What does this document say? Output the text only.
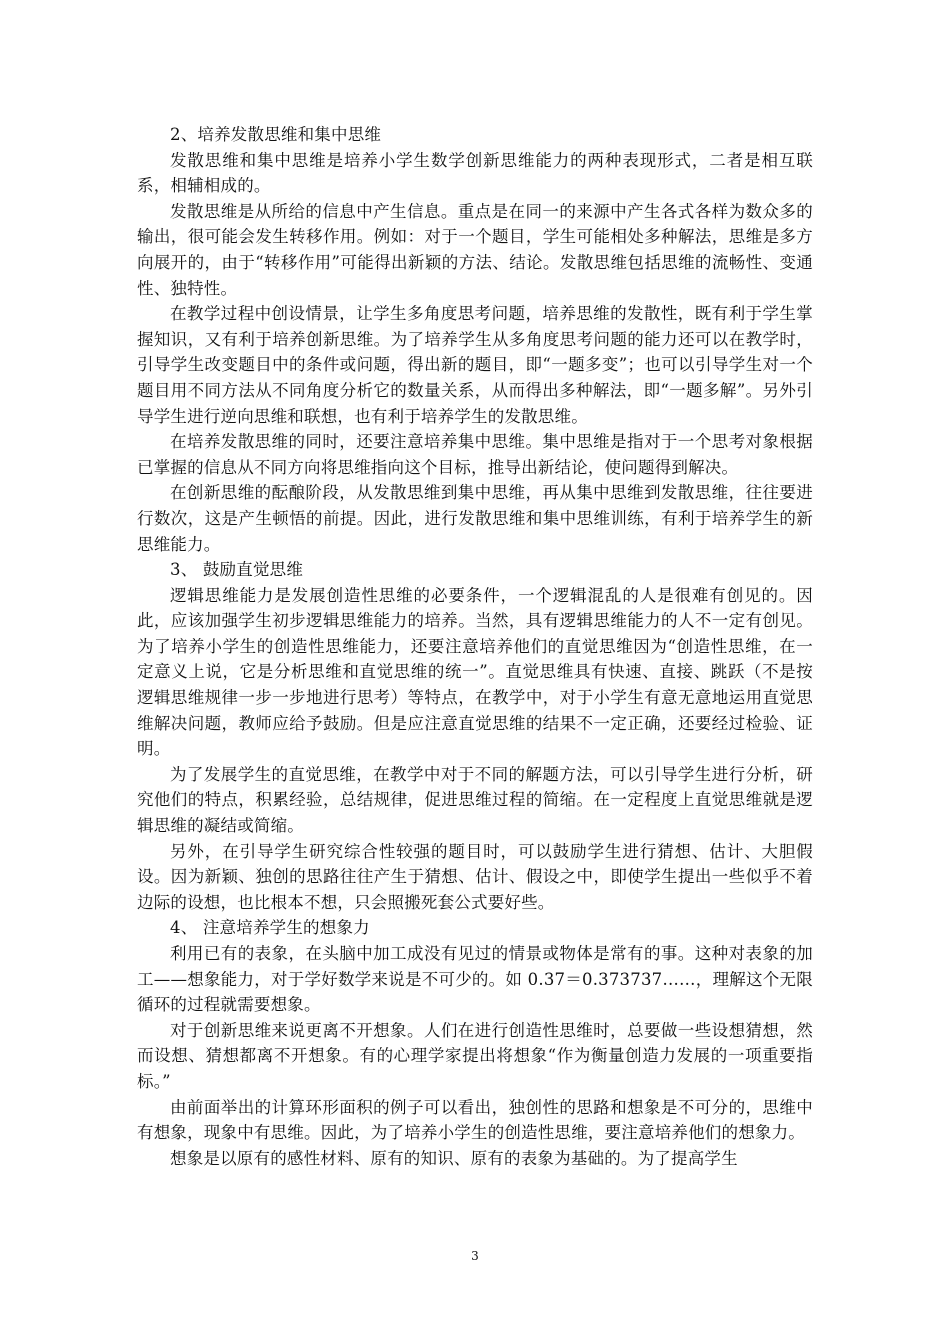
2、培养发散思维和集中思维

发散思维和集中思维是培养小学生数学创新思维能力的两种表现形式，二者是相互联系，相辅相成的。

发散思维是从所给的信息中产生信息。重点是在同一的来源中产生各式各样为数众多的输出，很可能会发生转移作用。例如：对于一个题目，学生可能相处多种解法，思维是多方向展开的，由于“转移作用”可能得出新颖的方法、结论。发散思维包括思维的流畅性、变通性、独特性。

在教学过程中创设情景，让学生多角度思考问题，培养思维的发散性，既有利于学生掌握知识，又有利于培养创新思维。为了培养学生从多角度思考问题的能力还可以在教学时，引导学生改变题目中的条件或问题，得出新的题目，即“一题多变”；也可以引导学生对一个题目用不同方法从不同角度分析它的数量关系，从而得出多种解法，即“一题多解”。另外引导学生进行逆向思维和联想，也有利于培养学生的发散思维。

在培养发散思维的同时，还要注意培养集中思维。集中思维是指对于一个思考对象根据已掌握的信息从不同方向将思维指向这个目标，推导出新结论，使问题得到解决。

在创新思维的酝酿阶段，从发散思维到集中思维，再从集中思维到发散思维，往往要进行数次，这是产生顿悟的前提。因此，进行发散思维和集中思维训练，有利于培养学生的新思维能力。

3、 鼓励直觉思维

逻辑思维能力是发展创造性思维的必要条件，一个逻辑混乱的人是很难有创见的。因此，应该加强学生初步逻辑思维能力的培养。当然，具有逻辑思维能力的人不一定有创见。为了培养小学生的创造性思维能力，还要注意培养他们的直觉思维因为“创造性思维，在一定意义上说，它是分析思维和直觉思维的统一”。直觉思维具有快速、直接、跳跃（不是按逻辑思维规律一步一步地进行思考）等特点，在教学中，对于小学生有意无意地运用直觉思维解决问题，教师应给予鼓励。但是应注意直觉思维的结果不一定正确，还要经过检验、证明。

为了发展学生的直觉思维，在教学中对于不同的解题方法，可以引导学生进行分析，研究他们的特点，积累经验，总结规律，促进思维过程的简缩。在一定程度上直觉思维就是逻辑思维的凝结或简缩。

另外，在引导学生研究综合性较强的题目时，可以鼓励学生进行猜想、估计、大胆假设。因为新颖、独创的思路往往产生于猜想、估计、假设之中，即使学生提出一些似乎不着边际的设想，也比根本不想，只会照搬死套公式要好些。

4、 注意培养学生的想象力

利用已有的表象，在头脑中加工成没有见过的情景或物体是常有的事。这种对表象的加工——想象能力，对于学好数学来说是不可少的。如 0.37＝0.373737……，理解这个无限循环的过程就需要想象。

对于创新思维来说更离不开想象。人们在进行创造性思维时，总要做一些设想猜想，然而设想、猜想都离不开想象。有的心理学家提出将想象“作为衡量创造力发展的一项重要指标。”

由前面举出的计算环形面积的例子可以看出，独创性的思路和想象是不可分的，思维中有想象，现象中有思维。因此，为了培养小学生的创造性思维，要注意培养他们的想象力。

想象是以原有的感性材料、原有的知识、原有的表象为基础的。为了提高学生

3
